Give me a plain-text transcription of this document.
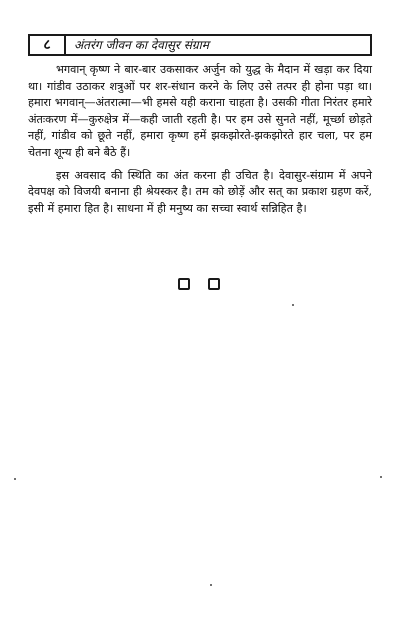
८	अंतरंग जीवन का देवासुर संग्राम

भगवान् कृष्ण ने बार-बार उकसाकर अर्जुन को युद्ध के मैदान में खड़ा कर दिया था। गांडीव उठाकर शत्रुओं पर शर-संधान करने के लिए उसे तत्पर ही होना पड़ा था। हमारा भगवान्—अंतरात्मा—भी हमसे यही कराना चाहता है। उसकी गीता निरंतर हमारे अंतःकरण में—कुरुक्षेत्र में—कही जाती रहती है। पर हम उसे सुनते नहीं, मूर्च्छा छोड़ते नहीं, गांडीव को छूते नहीं, हमारा कृष्ण हमें झकझोरते-झकझोरते हार चला, पर हम चेतना शून्य ही बने बैठे हैं।

इस अवसाद की स्थिति का अंत करना ही उचित है। देवासुर-संग्राम में अपने देवपक्ष को विजयी बनाना ही श्रेयस्कर है। तम को छोड़ें और सत् का प्रकाश ग्रहण करें, इसी में हमारा हित है। साधना में ही मनुष्य का सच्चा स्वार्थ सन्निहित है।
